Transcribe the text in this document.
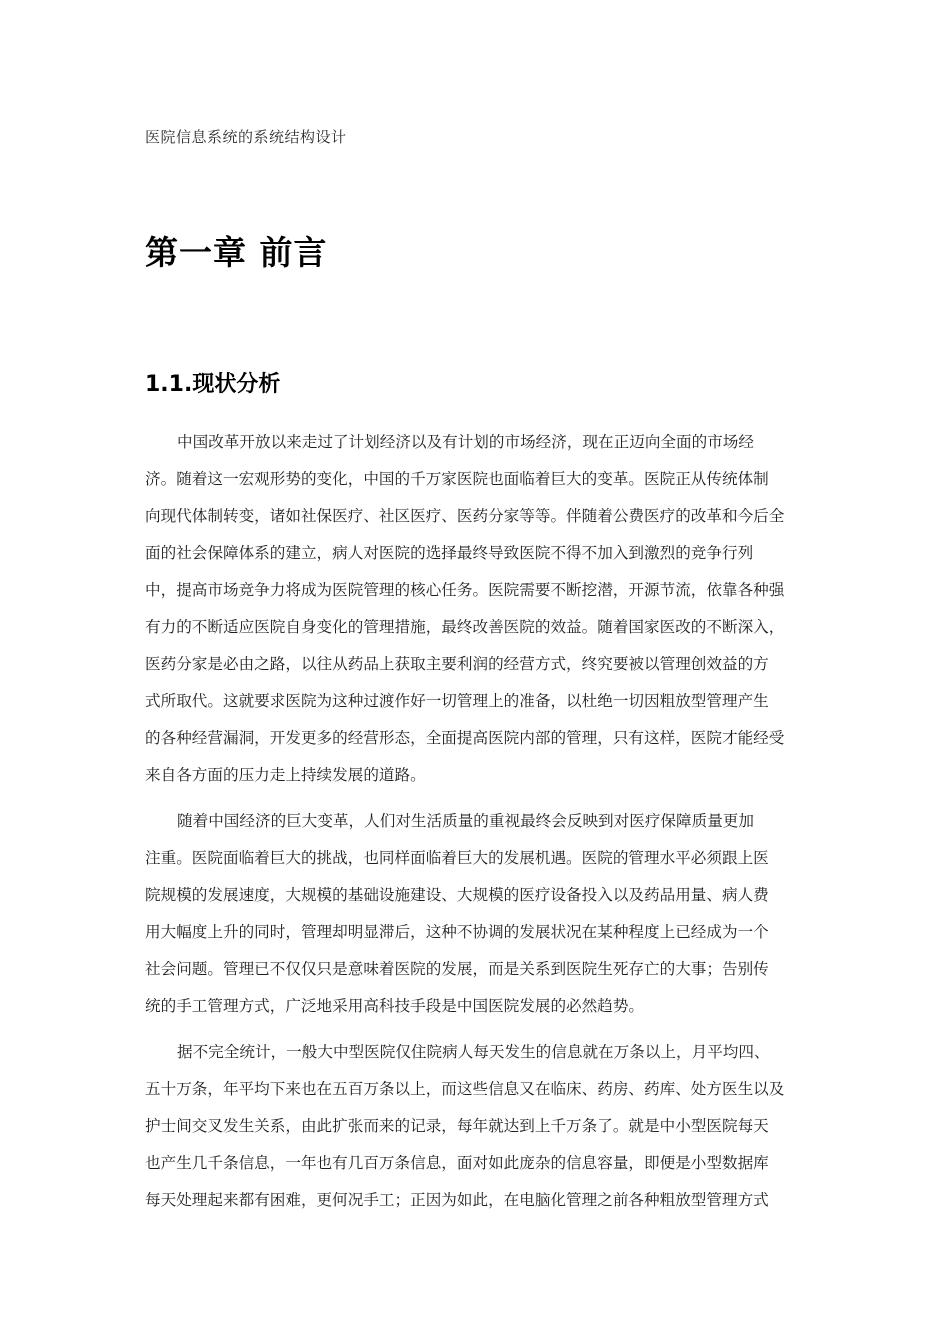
医院信息系统的系统结构设计
第一章 前言
1.1.现状分析
中国改革开放以来走过了计划经济以及有计划的市场经济，现在正迈向全面的市场经
济。随着这一宏观形势的变化，中国的千万家医院也面临着巨大的变革。医院正从传统体制
向现代体制转变，诸如社保医疗、社区医疗、医药分家等等。伴随着公费医疗的改革和今后全
面的社会保障体系的建立，病人对医院的选择最终导致医院不得不加入到激烈的竞争行列
中，提高市场竞争力将成为医院管理的核心任务。医院需要不断挖潜，开源节流，依靠各种强
有力的不断适应医院自身变化的管理措施，最终改善医院的效益。随着国家医改的不断深入，
医药分家是必由之路，以往从药品上获取主要利润的经营方式，终究要被以管理创效益的方
式所取代。这就要求医院为这种过渡作好一切管理上的准备，以杜绝一切因粗放型管理产生
的各种经营漏洞，开发更多的经营形态，全面提高医院内部的管理，只有这样，医院才能经受
来自各方面的压力走上持续发展的道路。
随着中国经济的巨大变革，人们对生活质量的重视最终会反映到对医疗保障质量更加
注重。医院面临着巨大的挑战，也同样面临着巨大的发展机遇。医院的管理水平必须跟上医
院规模的发展速度，大规模的基础设施建设、大规模的医疗设备投入以及药品用量、病人费
用大幅度上升的同时，管理却明显滞后，这种不协调的发展状况在某种程度上已经成为一个
社会问题。管理已不仅仅只是意味着医院的发展，而是关系到医院生死存亡的大事；告别传
统的手工管理方式，广泛地采用高科技手段是中国医院发展的必然趋势。
据不完全统计，一般大中型医院仅住院病人每天发生的信息就在万条以上，月平均四、
五十万条，年平均下来也在五百万条以上，而这些信息又在临床、药房、药库、处方医生以及
护士间交叉发生关系，由此扩张而来的记录，每年就达到上千万条了。就是中小型医院每天
也产生几千条信息，一年也有几百万条信息，面对如此庞杂的信息容量，即便是小型数据库
每天处理起来都有困难，更何况手工；正因为如此，在电脑化管理之前各种粗放型管理方式
